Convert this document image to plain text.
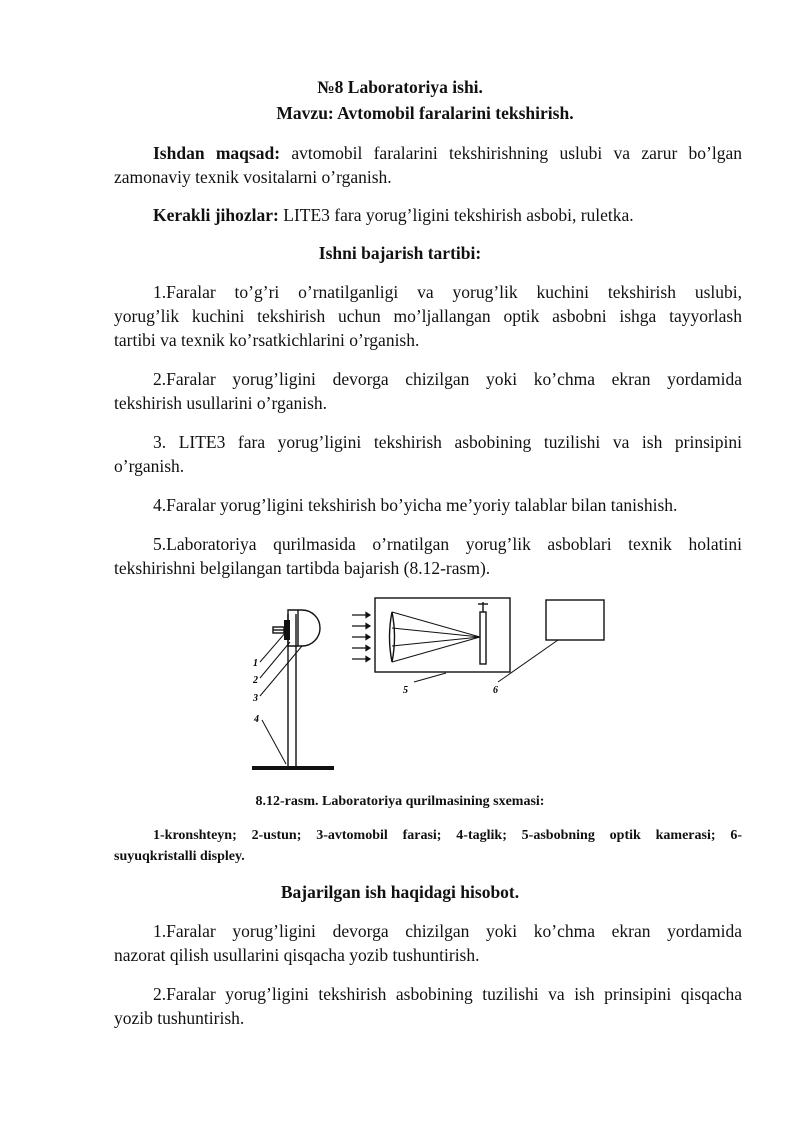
№8 Laboratoriya ishi.
Mavzu: Avtomobil faralarini tekshirish.
Ishdan maqsad: avtomobil faralarini tekshirishning uslubi va zarur bo’lgan
zamonaviy texnik vositalarni o’rganish.
Kerakli jihozlar: LITE3 fara yorug’ligini tekshirish asbobi, ruletka.
Ishni bajarish tartibi:
1.Faralar to’g’ri o’rnatilganligi va yorug’lik kuchini tekshirish uslubi,
yorug’lik kuchini tekshirish uchun mo’ljallangan optik asbobni ishga tayyorlash
tartibi va texnik ko’rsatkichlarini o’rganish.
2.Faralar yorug’ligini devorga chizilgan yoki ko’chma ekran yordamida
tekshirish usullarini o’rganish.
3. LITE3 fara yorug’ligini tekshirish asbobining tuzilishi va ish prinsipini
o’rganish.
4.Faralar yorug’ligini tekshirish bo’yicha me’yoriy talablar bilan tanishish.
5.Laboratoriya qurilmasida o’rnatilgan yorug’lik asboblari texnik holatini
tekshirishni belgilangan tartibda bajarish (8.12-rasm).
1
2
3
4
5	6
8.12-rasm. Laboratoriya qurilmasining sxemasi:
1-kronshteyn; 2-ustun; 3-avtomobil farasi; 4-taglik; 5-asbobning optik kamerasi; 6-
suyuqkristalli displey.
Bajarilgan ish haqidagi hisobot.
1.Faralar yorug’ligini devorga chizilgan yoki ko’chma ekran yordamida
nazorat qilish usullarini qisqacha yozib tushuntirish.
2.Faralar yorug’ligini tekshirish asbobining tuzilishi va ish prinsipini qisqacha
yozib tushuntirish.
